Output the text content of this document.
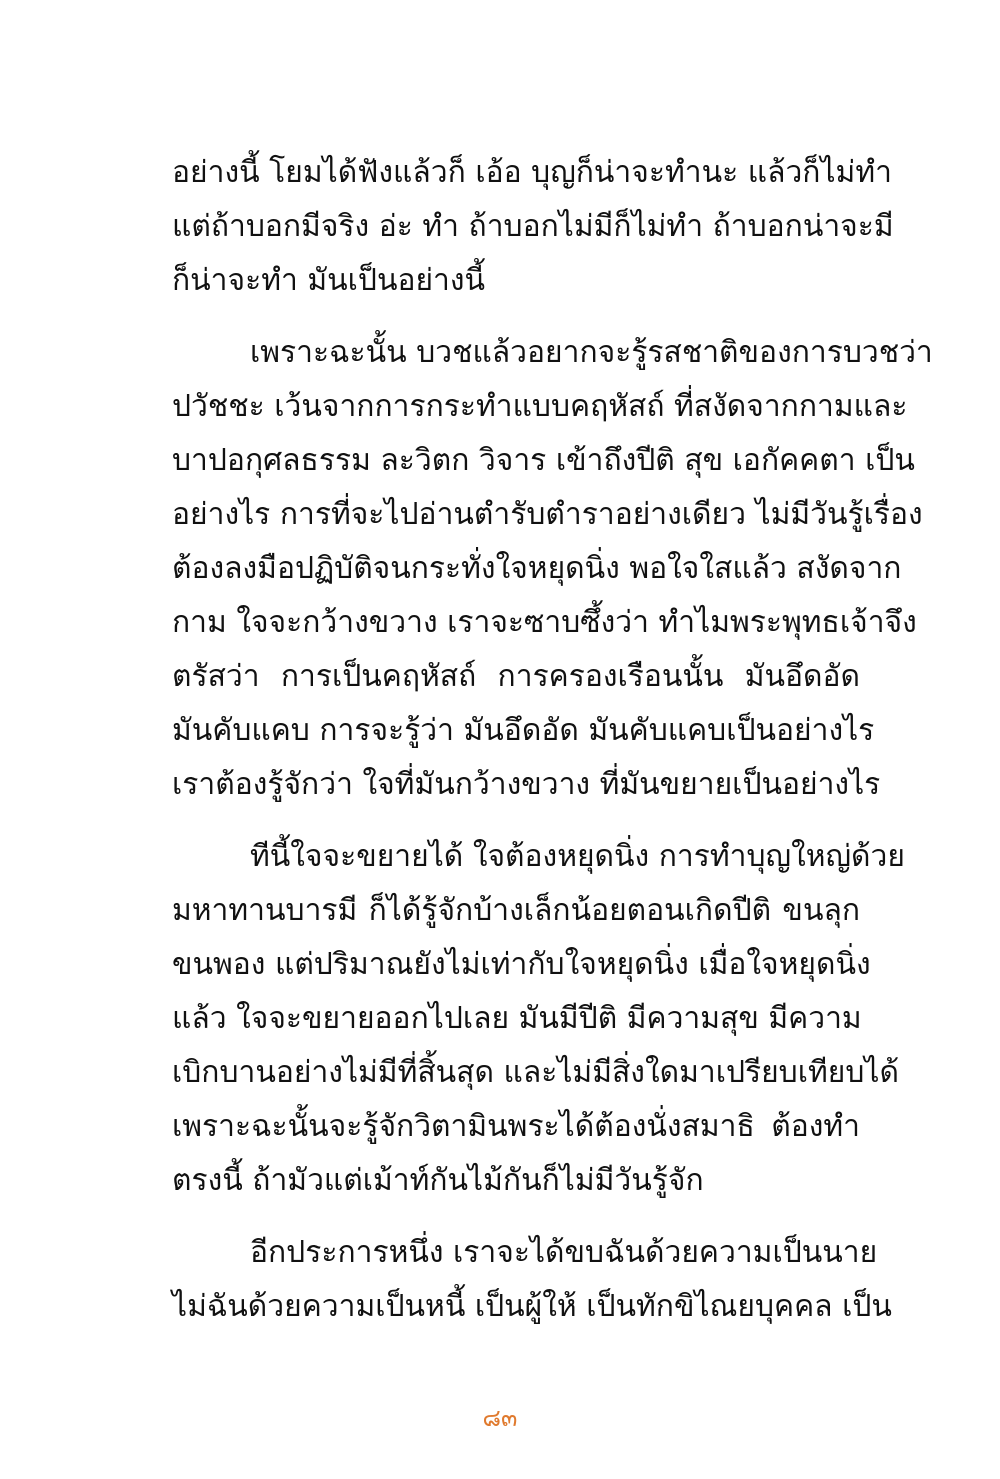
อย่างนี้ โยมได้ฟังแล้วก็ เอ้อ บุญก็น่าจะทำนะ แล้วก็ไม่ทำ
แต่ถ้าบอกมีจริง อ่ะ ทำ ถ้าบอกไม่มีก็ไม่ทำ ถ้าบอกน่าจะมี
ก็น่าจะทำ มันเป็นอย่างนี้
เพราะฉะนั้น บวชแล้วอยากจะรู้รสชาติของการบวชว่า
ปวัชชะ เว้นจากการกระทำแบบคฤหัสถ์ ที่สงัดจากกามและ
บาปอกุศลธรรม ละวิตก วิจาร เข้าถึงปีติ สุข เอกัคคตา เป็น
อย่างไร การที่จะไปอ่านตำรับตำราอย่างเดียว ไม่มีวันรู้เรื่อง
ต้องลงมือปฏิบัติจนกระทั่งใจหยุดนิ่ง พอใจใสแล้ว สงัดจาก
กาม ใจจะกว้างขวาง เราจะซาบซึ้งว่า ทำไมพระพุทธเจ้าจึง
ตรัสว่า การเป็นคฤหัสถ์ การครองเรือนนั้น มันอึดอัด
มันคับแคบ การจะรู้ว่า มันอึดอัด มันคับแคบเป็นอย่างไร
เราต้องรู้จักว่า ใจที่มันกว้างขวาง ที่มันขยายเป็นอย่างไร
ทีนี้ใจจะขยายได้ ใจต้องหยุดนิ่ง การทำบุญใหญ่ด้วย
มหาทานบารมี ก็ได้รู้จักบ้างเล็กน้อยตอนเกิดปีติ ขนลุก
ขนพอง แต่ปริมาณยังไม่เท่ากับใจหยุดนิ่ง เมื่อใจหยุดนิ่ง
แล้ว ใจจะขยายออกไปเลย มันมีปีติ มีความสุข มีความ
เบิกบานอย่างไม่มีที่สิ้นสุด และไม่มีสิ่งใดมาเปรียบเทียบได้
เพราะฉะนั้นจะรู้จักวิตามินพระได้ต้องนั่งสมาธิ ต้องทำ
ตรงนี้ ถ้ามัวแต่เม้าท์กันไม้กันก็ไม่มีวันรู้จัก
อีกประการหนึ่ง เราจะได้ขบฉันด้วยความเป็นนาย
ไม่ฉันด้วยความเป็นหนี้ เป็นผู้ให้ เป็นทักขิไณยบุคคล เป็น
๘๓
